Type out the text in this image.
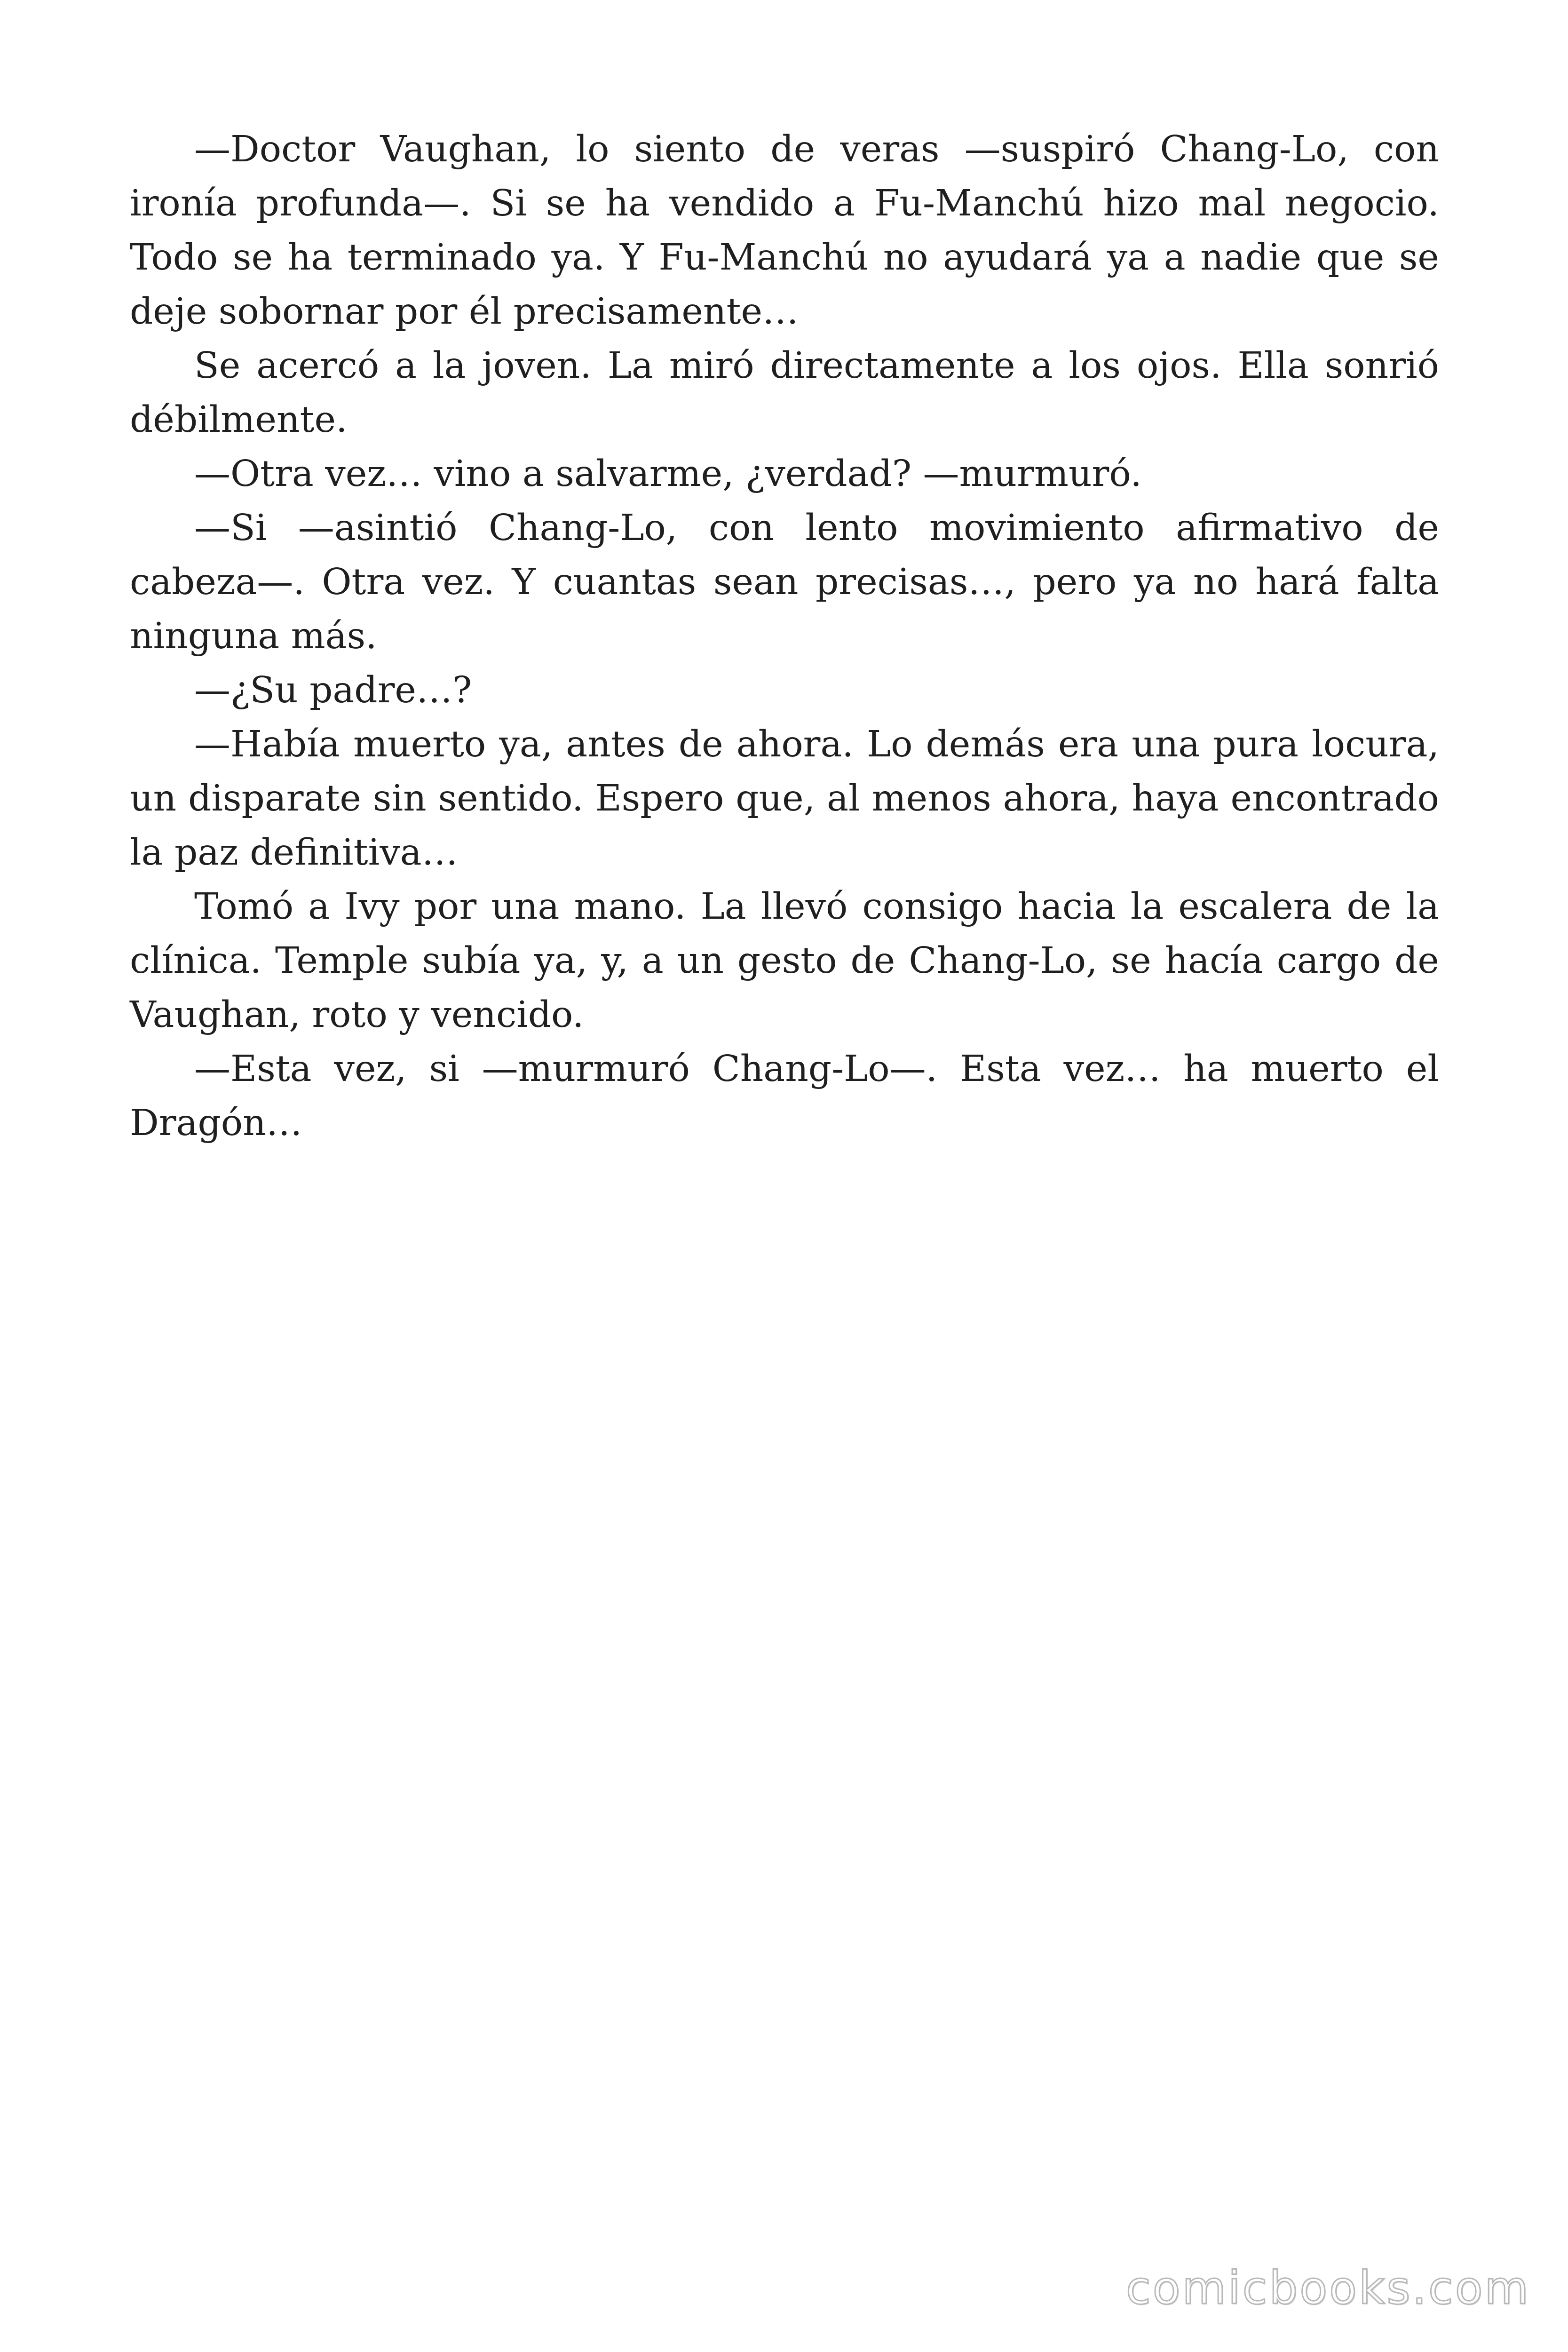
—Doctor Vaughan, lo siento de veras —suspiró Chang-Lo, con ironía profunda—. Si se ha vendido a Fu-Manchú hizo mal negocio. Todo se ha terminado ya. Y Fu-Manchú no ayudará ya a nadie que se deje sobornar por él precisamente…

Se acercó a la joven. La miró directamente a los ojos. Ella sonrió débilmente.

—Otra vez… vino a salvarme, ¿verdad? —murmuró.

—Si —asintió Chang-Lo, con lento movimiento afirmativo de cabeza—. Otra vez. Y cuantas sean precisas…, pero ya no hará falta ninguna más.

—¿Su padre…?

—Había muerto ya, antes de ahora. Lo demás era una pura locura, un disparate sin sentido. Espero que, al menos ahora, haya encontrado la paz definitiva…

Tomó a Ivy por una mano. La llevó consigo hacia la escalera de la clínica. Temple subía ya, y, a un gesto de Chang-Lo, se hacía cargo de Vaughan, roto y vencido.

—Esta vez, si —murmuró Chang-Lo—. Esta vez… ha muerto el Dragón…

comicbooks.com
